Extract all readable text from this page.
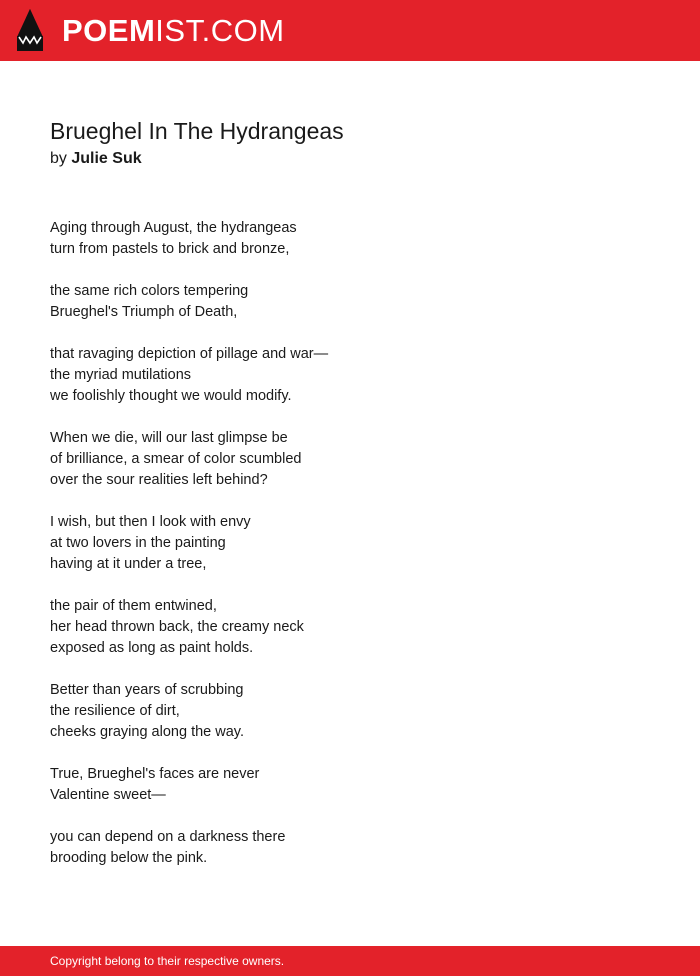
POEMIST.COM
Brueghel In The Hydrangeas
by Julie Suk
Aging through August, the hydrangeas
turn from pastels to brick and bronze,
the same rich colors tempering
Brueghel's Triumph of Death,
that ravaging depiction of pillage and war—
the myriad mutilations
we foolishly thought we would modify.
When we die, will our last glimpse be
of brilliance, a smear of color scumbled
over the sour realities left behind?
I wish, but then I look with envy
at two lovers in the painting
having at it under a tree,
the pair of them entwined,
her head thrown back, the creamy neck
exposed as long as paint holds.
Better than years of scrubbing
the resilience of dirt,
cheeks graying along the way.
True, Brueghel's faces are never
Valentine sweet—
you can depend on a darkness there
brooding below the pink.
Copyright belong to their respective owners.
